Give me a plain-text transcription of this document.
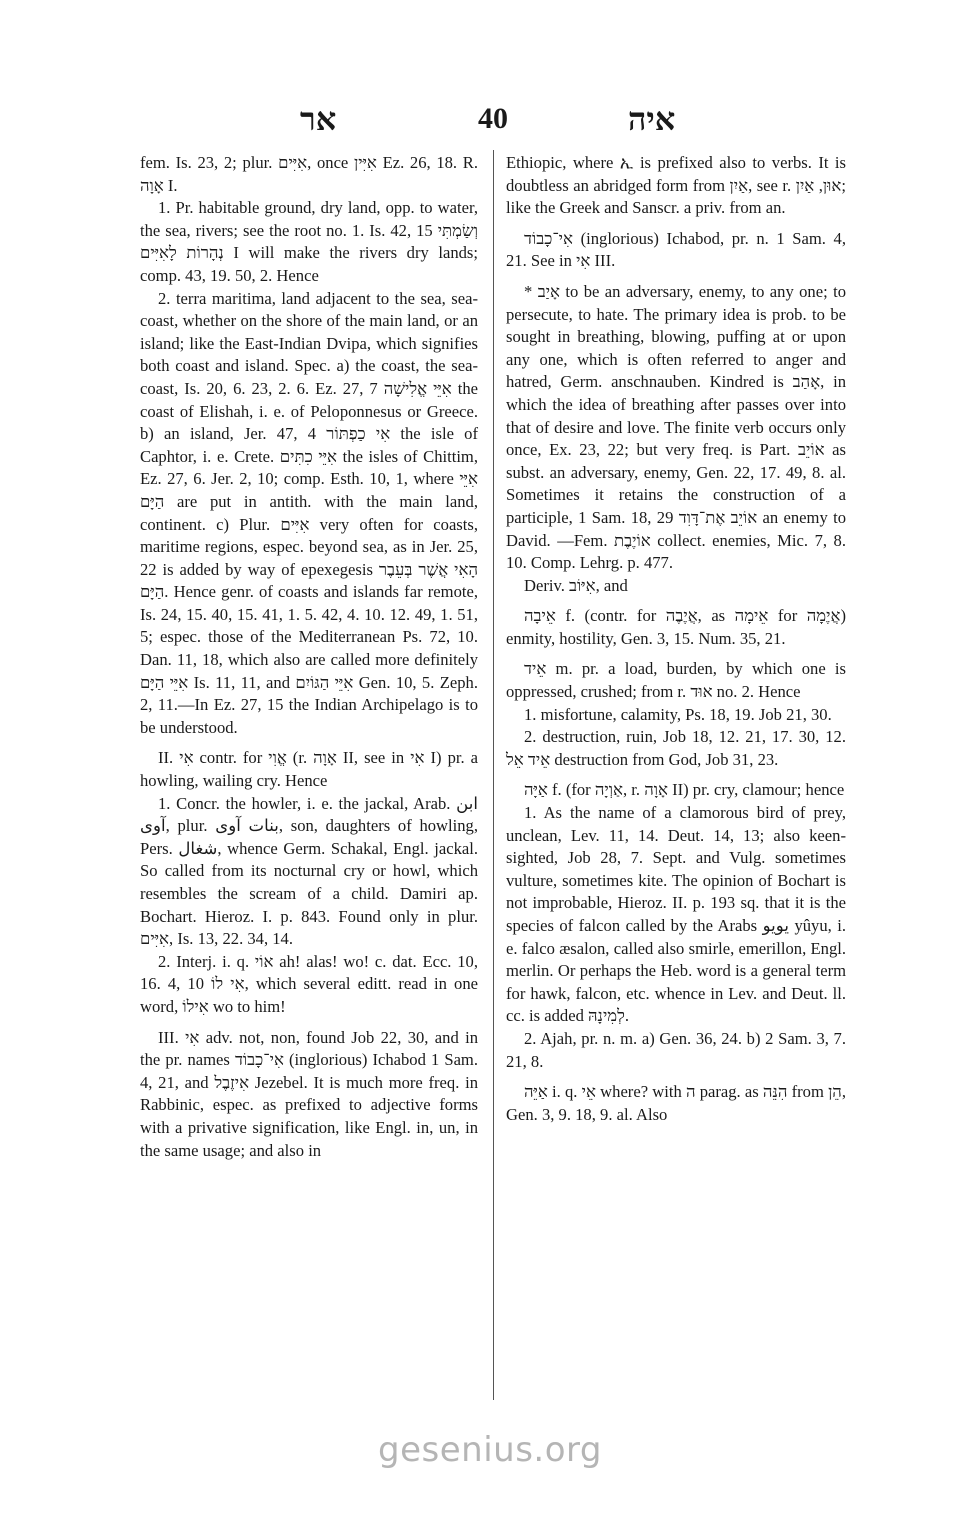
אר	40	איה

fem. Is. 23, 2; plur. אִיִּים, once אִיִּין Ez. 26, 18. R. אָוָה I.

1. Pr. habitable ground, dry land, opp. to water, the sea, rivers; see the root no. 1. Is. 42, 15 וְשַׂמְתִּי נְהָרוֹת לָאִיִּים I will make the rivers dry lands; comp. 43, 19. 50, 2. Hence

2. terra maritima, land adjacent to the sea, sea-coast, whether on the shore of the main land, or an island; like the East-Indian Dvipa, which signifies both coast and island. Spec. a) the coast, the sea-coast, Is. 20, 6. 23, 2. 6. Ez. 27, 7 אִיֵּי אֱלִישָׁה the coast of Elishah, i. e. of Peloponnesus or Greece. b) an island, Jer. 47, 4 אִי כַפְתּוֹר the isle of Caphtor, i. e. Crete. אִיֵּי כִתִּים the isles of Chittim, Ez. 27, 6. Jer. 2, 10; comp. Esth. 10, 1, where אִיֵּי הַיָּם are put in antith. with the main land, continent. c) Plur. אִיִּים very often for coasts, maritime regions, espec. beyond sea, as in Jer. 25, 22 is added by way of epexegesis הָאִי אֲשֶׁר בְּעֵבֶר הַיָּם. Hence genr. of coasts and islands far remote, Is. 24, 15. 40, 15. 41, 1. 5. 42, 4. 10. 12. 49, 1. 51, 5; espec. those of the Mediterranean Ps. 72, 10. Dan. 11, 18, which also are called more definitely אִיֵּי הַיָּם Is. 11, 11, and אִיֵּי הַגּוֹיִם Gen. 10, 5. Zeph. 2, 11.—In Ez. 27, 15 the Indian Archipelago is to be understood.

II. אִי contr. for אֱוִי (r. אָוָה II, see in אִי I) pr. a howling, wailing cry. Hence

1. Concr. the howler, i. e. the jackal, Arab. ابن آوى, plur. بنات آوى, son, daughters of howling, Pers. شغال, whence Germ. Schakal, Engl. jackal. So called from its nocturnal cry or howl, which resembles the scream of a child. Damiri ap. Bochart. Hieroz. I. p. 843. Found only in plur. אִיִּים, Is. 13, 22. 34, 14.

2. Interj. i. q. אוֹי ah! alas! wo! c. dat. Ecc. 10, 16. 4, 10 אִי לוֹ, which several editt. read in one word, אִילוֹ wo to him!

III. אִי adv. not, non, found Job 22, 30, and in the pr. names אִי־כָבוֹד (inglorious) Ichabod 1 Sam. 4, 21, and אִיזֶבֶל Jezebel. It is much more freq. in Rabbinic, espec. as prefixed to adjective forms with a privative signification, like Engl. in, un, in the same usage; and also in

Ethiopic, where ኢ is prefixed also to verbs. It is doubtless an abridged form from אַיִן, see r. אוּן, אַיִן; like the Greek and Sanscr. a priv. from an.

אִי־כָבוֹד (inglorious) Ichabod, pr. n. 1 Sam. 4, 21. See in אִי III.

* אָיַב to be an adversary, enemy, to any one; to persecute, to hate. The primary idea is prob. to be sought in breathing, blowing, puffing at or upon any one, which is often referred to anger and hatred, Germ. anschnauben. Kindred is אָהַב, in which the idea of breathing after passes over into that of desire and love. The finite verb occurs only once, Ex. 23, 22; but very freq. is Part. אוֹיֵב as subst. an adversary, enemy, Gen. 22, 17. 49, 8. al. Sometimes it retains the construction of a participle, 1 Sam. 18, 29 אוֹיֵב אֶת־דָּוִד an enemy to David. —Fem. אוֹיֶבֶת collect. enemies, Mic. 7, 8. 10. Comp. Lehrg. p. 477.

Deriv. אִיּוֹב, and

אֵיבָה f. (contr. for אֲיֶבֶה, as אֵימָה for אֲיֶמָה) enmity, hostility, Gen. 3, 15. Num. 35, 21.

אֵיד m. pr. a load, burden, by which one is oppressed, crushed; from r. אוּד no. 2. Hence

1. misfortune, calamity, Ps. 18, 19. Job 21, 30.

2. destruction, ruin, Job 18, 12. 21, 17. 30, 12. אֵיד אֵל destruction from God, Job 31, 23.

אַיָּה f. (for אַוְיָה, r. אָוָה II) pr. cry, clamour; hence

1. As the name of a clamorous bird of prey, unclean, Lev. 11, 14. Deut. 14, 13; also keen-sighted, Job 28, 7. Sept. and Vulg. sometimes vulture, sometimes kite. The opinion of Bochart is not improbable, Hieroz. II. p. 193 sq. that it is the species of falcon called by the Arabs يويو yûyu, i. e. falco æsalon, called also smirle, emerillon, Engl. merlin. Or perhaps the Heb. word is a general term for hawk, falcon, etc. whence in Lev. and Deut. ll. cc. is added לְמִינָהּ.

2. Ajah, pr. n. m. a) Gen. 36, 24. b) 2 Sam. 3, 7. 21, 8.

אַיֵּה i. q. אֵי where? with ה parag. as הִנֵּה from הֵן, Gen. 3, 9. 18, 9. al. Also

gesenius.org
